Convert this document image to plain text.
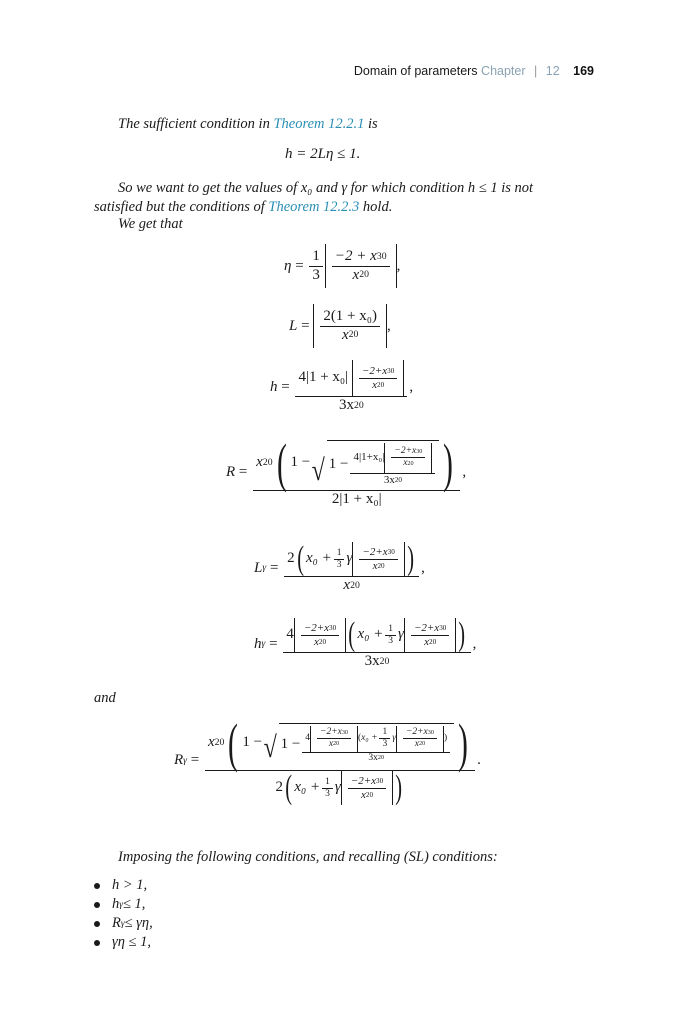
Domain of parameters Chapter | 12 169
The sufficient condition in Theorem 12.2.1 is
h = 2Lη ≤ 1.
So we want to get the values of x₀ and γ for which condition h ≤ 1 is not
satisfied but the conditions of Theorem 12.2.3 hold.
We get that
η
=
$\frac{1}{3} \frac{-2 + x 3 0}{x 2 0}$ ,
L
=
$\frac{\text{2(1 + x₀)}}{x 2 0}$ ,
h
=
4|1 + x₀|
$\frac{-2+x 3 0}{x 2 0}$
3x 2 0 ,
R
=

x 2 0 ( 1 − √ $1 - \frac{4|1+x_0| \frac{-2+x 3 0}{x 2 0}}{3x 2 0}$ )
2|1 + x₀|
,
L γ
=
$\frac{2 ( x_0 + \frac{1}{3} \gamma \frac{-2+x 3 0}{x 2 0} )}{x 2 0}$ ,
h γ
=

$4 \frac{-2+x 3 0}{x 2 0}$ ( $x_0 + \frac{1}{3}$ γ $\frac{-2+x 3 0}{x 2 0}$ )
3x 2 0
,
and
R γ
=

x 2 0 ( 1 − √ $1 - 4 \frac{-2+x 3 0}{x 2 0}$ ( $x_0 + \frac{1}{3}$ γ $\frac{-2+x 3 0}{x 2 0}$ )
3x 2 0 )
2 ( $x_0 + \frac{1}{3}$ γ $\frac{-2+x 3 0}{x 2 0}$ )
.
Imposing the following conditions, and recalling (SL) conditions:
h > 1,
h γ ≤ 1,
R γ ≤ γη,
γη ≤ 1,
